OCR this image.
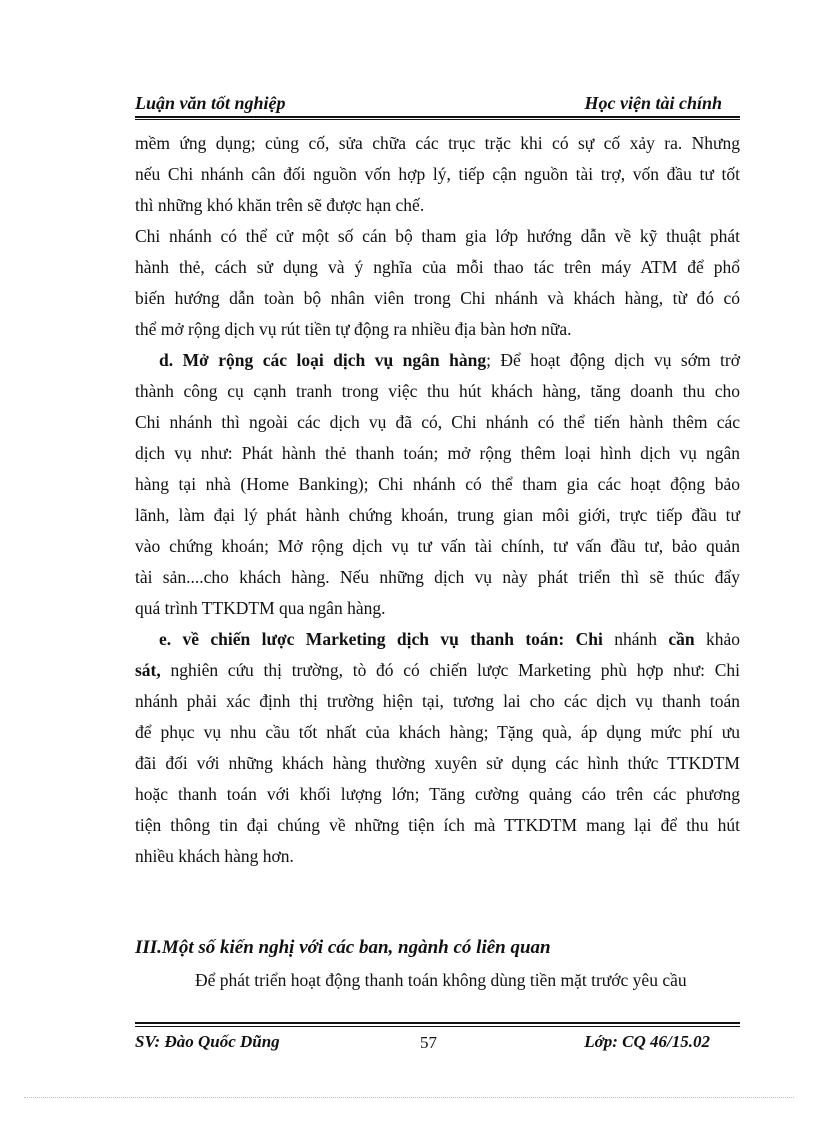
Luận văn tốt nghiệp	Học viện tài chính
mềm ứng dụng; củng cố, sửa chữa các trục trặc khi có sự cố xảy ra. Nhưng
nếu Chi nhánh cân đối nguồn vốn hợp lý, tiếp cận nguồn tài trợ, vốn đầu tư tốt
thì những khó khăn trên sẽ được hạn chế.
Chi nhánh có thể cử một số cán bộ tham gia lớp hướng dẫn về kỹ thuật phát
hành thẻ, cách sử dụng và ý nghĩa của mỗi thao tác trên máy ATM để phổ
biến hướng dẫn toàn bộ nhân viên trong Chi nhánh và khách hàng, từ đó có
thể mở rộng dịch vụ rút tiền tự động ra nhiều địa bàn hơn nữa.
d. Mở rộng các loại dịch vụ ngân hàng; Để hoạt động dịch vụ sớm trở
thành công cụ cạnh tranh trong việc thu hút khách hàng, tăng doanh thu cho
Chi nhánh thì ngoài các dịch vụ đã có, Chi nhánh có thể tiến hành thêm các
dịch vụ như: Phát hành thẻ thanh toán; mở rộng thêm loại hình dịch vụ ngân
hàng tại nhà (Home Banking); Chi nhánh có thể tham gia các hoạt động bảo
lãnh, làm đại lý phát hành chứng khoán, trung gian môi giới, trực tiếp đầu tư
vào chứng khoán; Mở rộng dịch vụ tư vấn tài chính, tư vấn đầu tư, bảo quản
tài sản....cho khách hàng. Nếu những dịch vụ này phát triển thì sẽ thúc đẩy
quá trình TTKDTM qua ngân hàng.
e. về chiến lược Marketing dịch vụ thanh toán: Chi nhánh cần khảo
sát, nghiên cứu thị trường, tò đó có chiến lược Marketing phù hợp như: Chi
nhánh phải xác định thị trường hiện tại, tương lai cho các dịch vụ thanh toán
để phục vụ nhu cầu tốt nhất của khách hàng; Tặng quà, áp dụng mức phí ưu
đãi đối với những khách hàng thường xuyên sử dụng các hình thức TTKDTM
hoặc thanh toán với khối lượng lớn; Tăng cường quảng cáo trên các phương
tiện thông tin đại chúng về những tiện ích mà TTKDTM mang lại để thu hút
nhiều khách hàng hơn.
III.Một số kiến nghị với các ban, ngành có liên quan
Để phát triển hoạt động thanh toán không dùng tiền mặt trước yêu cầu
SV: Đào Quốc Dũng	57	Lớp: CQ 46/15.02
